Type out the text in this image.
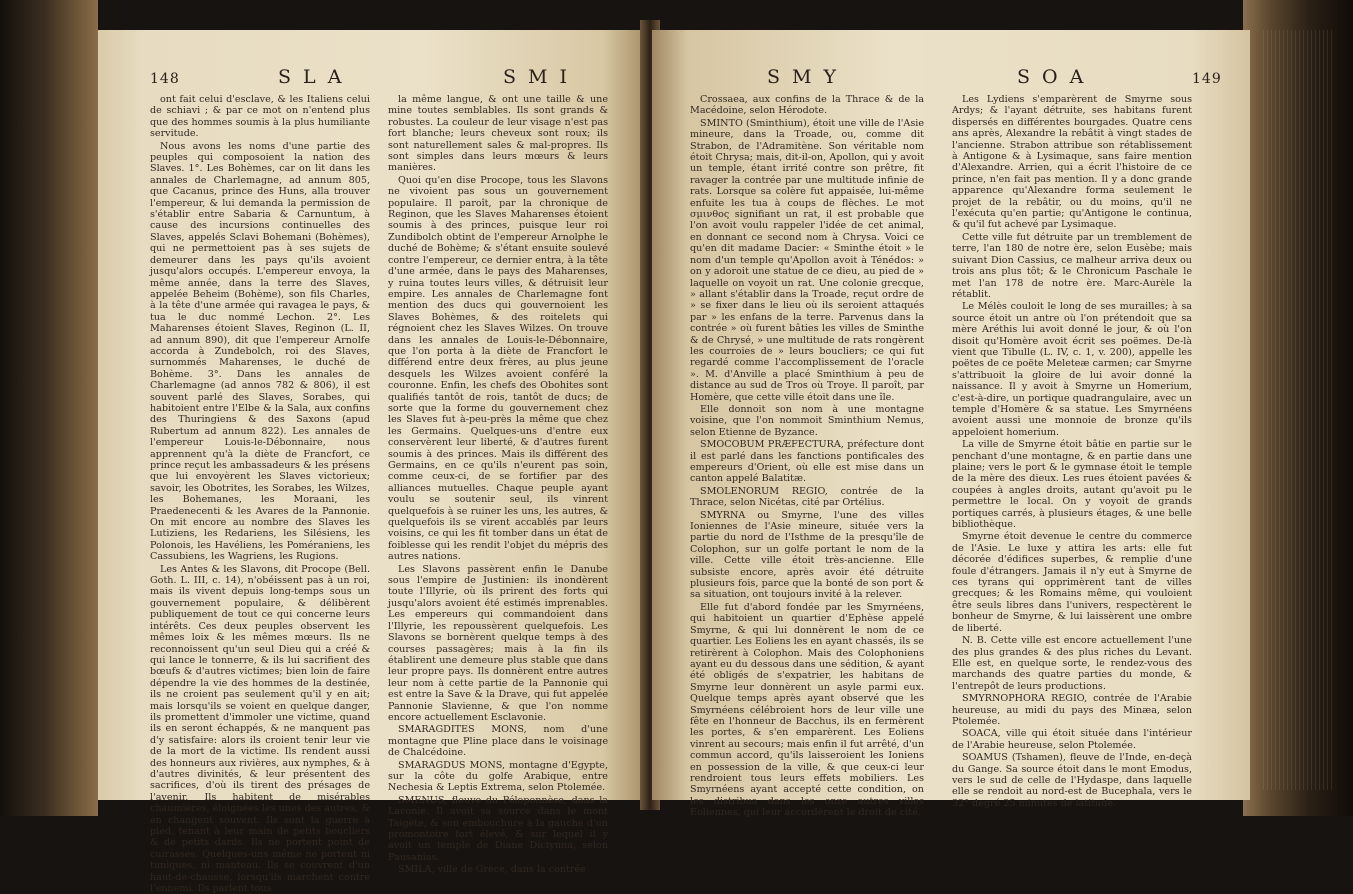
148	S L A	S M I

ont fait celui d'esclave, & les Italiens celui de schiavi ; & par ce mot on n'entend plus que des hommes soumis à la plus humiliante servitude.

Nous avons les noms d'une partie des peuples qui composoient la nation des Slaves. 1°. Les Bohèmes, car on lit dans les annales de Charlemagne, ad annum 805, que Cacanus, prince des Huns, alla trouver l'empereur, & lui demanda la permission de s'établir entre Sabaria & Carnuntum, à cause des incursions continuelles des Slaves, appelés Sclavi Bohemani (Bohèmes), qui ne permettoient pas à ses sujets de demeurer dans les pays qu'ils avoient jusqu'alors occupés. L'empereur envoya, la même année, dans la terre des Slaves, appelée Beheim (Bohème), son fils Charles, à la tête d'une armée qui ravagea le pays, & tua le duc nommé Lechon. 2°. Les Maharenses étoient Slaves, Reginon (L. II, ad annum 890), dit que l'empereur Arnolfe accorda à Zundebolch, roi des Slaves, surnommés Maharenses, le duché de Bohème. 3°. Dans les annales de Charlemagne (ad annos 782 & 806), il est souvent parlé des Slaves, Sorabes, qui habitoient entre l'Elbe & la Sala, aux confins des Thuringiens & des Saxons (apud Rubertum ad annum 822). Les annales de l'empereur Louis-le-Débonnaire, nous apprennent qu'à la diète de Francfort, ce prince reçut les ambassadeurs & les présens que lui envoyèrent les Slaves victorieux; savoir, les Obotrites, les Sorabes, les Wilzes, les Bohemanes, les Moraani, les Praedenecenti & les Avares de la Pannonie. On mit encore au nombre des Slaves les Lutiziens, les Redariens, les Silésiens, les Polonois, les Havéliens, les Poméraniens, les Cassubiens, les Wagriens, les Rugions.

Les Antes & les Slavons, dit Procope (Bell. Goth. L. III, c. 14), n'obéissent pas à un roi, mais ils vivent depuis long-temps sous un gouvernement populaire, & délibèrent publiquement de tout ce qui concerne leurs intérêts. Ces deux peuples observent les mêmes loix & les mêmes mœurs. Ils ne reconnoissent qu'un seul Dieu qui a créé & qui lance le tonnerre, & ils lui sacrifient des bœufs & d'autres victimes; bien loin de faire dépendre la vie des hommes de la destinée, ils ne croient pas seulement qu'il y en ait; mais lorsqu'ils se voient en quelque danger, ils promettent d'immoler une victime, quand ils en seront échappés, & ne manquent pas d'y satisfaire: alors ils croient tenir leur vie de la mort de la victime. Ils rendent aussi des honneurs aux rivières, aux nymphes, & à d'autres divinités, & leur présentent des sacrifices, d'où ils tirent des présages de l'avenir. Ils habitent de misérables chaumières, éloignées les unes des autres, & en changent souvent. Ils sont la guerre à pied, tenant à leur main de petits boucliers & de petits dards. Ils ne portent point de cuirasses. Quelques-uns même ne portent ni tuniques, ni manteau. Ils se couvrent d'un haut-de-chausse, lorsqu'ils marchent contre l'ennemi. Ils parlent tous

la même langue, & ont une taille & une mine toutes semblables. Ils sont grands & robustes. La couleur de leur visage n'est pas fort blanche; leurs cheveux sont roux; ils sont naturellement sales & mal-propres. Ils sont simples dans leurs mœurs & leurs manières.

Quoi qu'en dise Procope, tous les Slavons ne vivoient pas sous un gouvernement populaire. Il paroît, par la chronique de Reginon, que les Slaves Maharenses étoient soumis à des princes, puisque leur roi Zundibolch obtint de l'empereur Arnolphe le duché de Bohème; & s'étant ensuite soulevé contre l'empereur, ce dernier entra, à la tête d'une armée, dans le pays des Maharenses, y ruina toutes leurs villes, & détruisit leur empire. Les annales de Charlemagne font mention des ducs qui gouvernoient les Slaves Bohèmes, & des roitelets qui régnoient chez les Slaves Wilzes. On trouve dans les annales de Louis-le-Débonnaire, que l'on porta à la diète de Francfort le différend entre deux frères, au plus jeune desquels les Wilzes avoient conféré la couronne. Enfin, les chefs des Obohites sont qualifiés tantôt de rois, tantôt de ducs; de sorte que la forme du gouvernement chez les Slaves fut à-peu-près la même que chez les Germains. Quelques-uns d'entre eux conservèrent leur liberté, & d'autres furent soumis à des princes. Mais ils différent des Germains, en ce qu'ils n'eurent pas soin, comme ceux-ci, de se fortifier par des alliances mutuelles. Chaque peuple ayant voulu se soutenir seul, ils vinrent quelquefois à se ruiner les uns, les autres, & quelquefois ils se virent accablés par leurs voisins, ce qui les fit tomber dans un état de foiblesse qui les rendit l'objet du mépris des autres nations.

Les Slavons passèrent enfin le Danube sous l'empire de Justinien: ils inondèrent toute l'Illyrie, où ils prirent des forts qui jusqu'alors avoient été estimés imprenables. Les empereurs qui commandoient dans l'Illyrie, les repoussèrent quelquefois. Les Slavons se bornèrent quelque temps à des courses passagères; mais à la fin ils établirent une demeure plus stable que dans leur propre pays. Ils donnèrent entre autres leur nom à cette partie de la Pannonie qui est entre la Save & la Drave, qui fut appelée Pannonie Slavienne, & que l'on nomme encore actuellement Esclavonie.

SMARAGDITES MONS, nom d'une montagne que Pline place dans le voisinage de Chalcédoine.

SMARAGDUS MONS, montagne d'Egypte, sur la côte du golfe Arabique, entre Nechesia & Leptis Extrema, selon Ptolemée.

SMENUS, fleuve du Péloponnèse, dans la Laconie. Il avoit sa source dans le mont Taigète, & son embouchure à la gauche d'un promontoire fort élevé, & sur lequel il y avoit un temple de Diane Dictynna, selon Pausanias.

SMILA, ville de Grèce, dans la contrée

S M Y	S O A	149

Crossaea, aux confins de la Thrace & de la Macédoine, selon Hérodote.

SMINTO (Sminthium), étoit une ville de l'Asie mineure, dans la Troade, ou, comme dit Strabon, de l'Adramitène. Son véritable nom étoit Chrysa; mais, dit-il-on, Apollon, qui y avoit un temple, étant irrité contre son prêtre, fit ravager la contrée par une multitude infinie de rats. Lorsque sa colère fut appaisée, lui-même enfuite les tua à coups de flèches. Le mot σμινθος signifiant un rat, il est probable que l'on avoit voulu rappeler l'idée de cet animal, en donnant ce second nom à Chrysa. Voici ce qu'en dit madame Dacier: « Sminthe étoit » le nom d'un temple qu'Apollon avoit à Ténédos: » on y adoroit une statue de ce dieu, au pied de » laquelle on voyoit un rat. Une colonie grecque, » allant s'établir dans la Troade, reçut ordre de » se fixer dans le lieu où ils seroient attaqués par » les enfans de la terre. Parvenus dans la contrée » où furent bâties les villes de Sminthe & de Chrysé, » une multitude de rats rongèrent les courroies de » leurs boucliers; ce qui fut regardé comme l'accomplissement de l'oracle ». M. d'Anville a placé Sminthium à peu de distance au sud de Tros où Troye. Il paroît, par Homère, que cette ville étoit dans une île.

Elle donnoit son nom à une montagne voisine, que l'on nommoit Sminthium Nemus, selon Etienne de Byzance.

SMOCOBUM PRÆFECTURA, préfecture dont il est parlé dans les fanctions pontificales des empereurs d'Orient, où elle est mise dans un canton appelé Balatitæ.

SMOLENORUM REGIO, contrée de la Thrace, selon Nicétas, cité par Ortélius.

SMYRNA ou Smyrne, l'une des villes Ioniennes de l'Asie mineure, située vers la partie du nord de l'Isthme de la presqu'île de Colophon, sur un golfe portant le nom de la ville. Cette ville étoit très-ancienne. Elle subsiste encore, après avoir été détruite plusieurs fois, parce que la bonté de son port & sa situation, ont toujours invité à la relever.

Elle fut d'abord fondée par les Smyrnéens, qui habitoient un quartier d'Ephèse appelé Smyrne, & qui lui donnèrent le nom de ce quartier. Les Eoliens les en ayant chassés, ils se retirèrent à Colophon. Mais des Colophoniens ayant eu du dessous dans une sédition, & ayant été obligés de s'expatrier, les habitans de Smyrne leur donnèrent un asyle parmi eux. Quelque temps après ayant observé que les Smyrnéens célébroient hors de leur ville une fête en l'honneur de Bacchus, ils en fermèrent les portes, & s'en emparèrent. Les Eoliens vinrent au secours; mais enfin il fut arrêté, d'un commun accord, qu'ils laisseroient les Ioniens en possession de la ville, & que ceux-ci leur rendroient tous leurs effets mobiliers. Les Smyrnéens ayant accepté cette condition, on les distribua dans les onze autres villes Eoliennes, qui leur accordèrent le droit de cité.

Les Lydiens s'emparèrent de Smyrne sous Ardys; & l'ayant détruite, ses habitans furent dispersés en différentes bourgades. Quatre cens ans après, Alexandre la rebâtit à vingt stades de l'ancienne. Strabon attribue son rétablissement à Antigone & à Lysimaque, sans faire mention d'Alexandre. Arrien, qui a écrit l'histoire de ce prince, n'en fait pas mention. Il y a donc grande apparence qu'Alexandre forma seulement le projet de la rebâtir, ou du moins, qu'il ne l'exécuta qu'en partie; qu'Antigone le continua, & qu'il fut achevé par Lysimaque.

Cette ville fut détruite par un tremblement de terre, l'an 180 de notre ère, selon Eusèbe; mais suivant Dion Cassius, ce malheur arriva deux ou trois ans plus tôt; & le Chronicum Paschale le met l'an 178 de notre ère. Marc-Aurèle la rétablit.

Le Mélès couloit le long de ses murailles; à sa source étoit un antre où l'on prétendoit que sa mère Aréthis lui avoit donné le jour, & où l'on disoit qu'Homère avoit écrit ses poëmes. De-là vient que Tibulle (L. IV, c. 1, v. 200), appelle les poëtes de ce poëte Meleteæ carmen; car Smyrne s'attribuoit la gloire de lui avoir donné la naissance. Il y avoit à Smyrne un Homerium, c'est-à-dire, un portique quadrangulaire, avec un temple d'Homère & sa statue. Les Smyrnéens avoient aussi une monnoie de bronze qu'ils appeloient homerium.

La ville de Smyrne étoit bâtie en partie sur le penchant d'une montagne, & en partie dans une plaine; vers le port & le gymnase étoit le temple de la mère des dieux. Les rues étoient pavées & coupées à angles droits, autant qu'avoit pu le permettre le local. On y voyoit de grands portiques carrés, à plusieurs étages, & une belle bibliothèque.

Smyrne étoit devenue le centre du commerce de l'Asie. Le luxe y attira les arts: elle fut décorée d'édifices superbes, & remplie d'une foule d'étrangers. Jamais il n'y eut à Smyrne de ces tyrans qui opprimèrent tant de villes grecques; & les Romains même, qui vouloient être seuls libres dans l'univers, respectèrent le bonheur de Smyrne, & lui laissèrent une ombre de liberté.

N. B. Cette ville est encore actuellement l'une des plus grandes & des plus riches du Levant. Elle est, en quelque sorte, le rendez-vous des marchands des quatre parties du monde, & l'entrepôt de leurs productions.

SMYRNOPHORA REGIO, contrée de l'Arabie heureuse, au midi du pays des Minæa, selon Ptolemée.

SOACA, ville qui étoit située dans l'intérieur de l'Arabie heureuse, selon Ptolemée.

SOAMUS (Tshamen), fleuve de l'Inde, en-deçà du Gange. Sa source étoit dans le mont Emodus, vers le sud de celle de l'Hydaspe, dans laquelle elle se rendoit au nord-est de Bucephala, vers le 32° degré 25 minutes de latitude.
